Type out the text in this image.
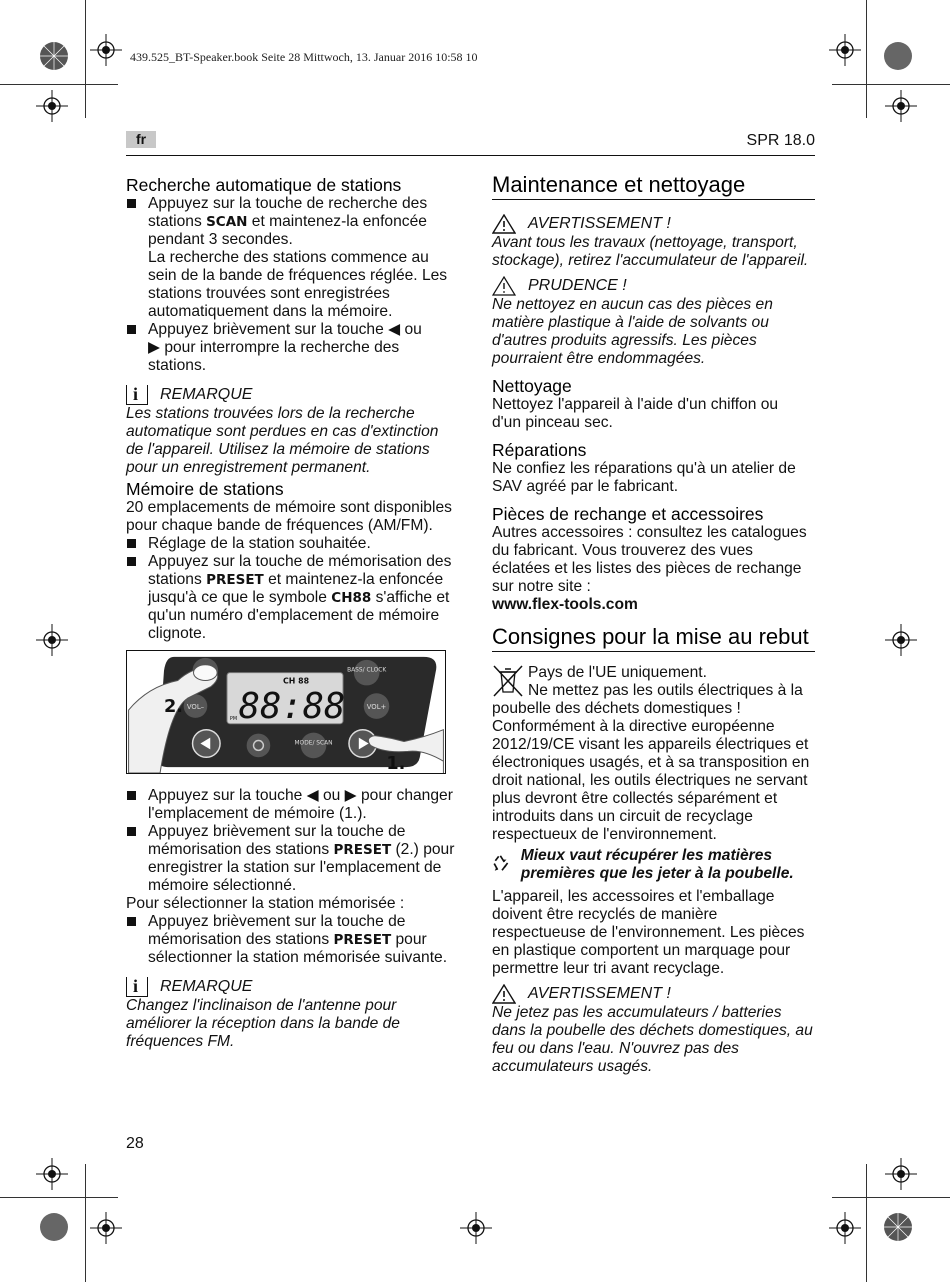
439.525_BT-Speaker.book Seite 28 Mittwoch, 13. Januar 2016 10:58 10
fr	SPR 18.0
Recherche automatique de stations
Appuyez sur la touche de recherche des stations SCAN et maintenez-la enfoncée pendant 3 secondes.

La recherche des stations commence au sein de la bande de fréquences réglée. Les stations trouvées sont enregistrées automatiquement dans la mémoire.

Appuyez brièvement sur la touche ◀ ou
▶ pour interrompre la recherche des stations.
i
REMARQUE

Les stations trouvées lors de la recherche automatique sont perdues en cas d'extinction de l'appareil. Utilisez la mémoire de stations pour un enregistrement permanent.

Mémoire de stations

20 emplacements de mémoire sont disponibles pour chaque bande de fréquences (AM/FM).

Réglage de la station souhaitée.
Appuyez sur la touche de mémorisation des stations PRESET et maintenez-la enfoncée jusqu'à ce que le symbole CH88 s'affiche et qu'un numéro d'emplacement de mémoire clignote.
CH 88
88:88
PM
BASS/ CLOCK
VOL+
VOL–
MODE/ SCAN
2.
1.
Appuyez sur la touche ◀ ou ▶ pour changer l'emplacement de mémoire (1.).
Appuyez brièvement sur la touche de mémorisation des stations PRESET (2.) pour enregistrer la station sur l'emplacement de mémoire sélectionné.

Pour sélectionner la station mémorisée :

Appuyez brièvement sur la touche de mémorisation des stations PRESET pour sélectionner la station mémorisée suivante.
i
REMARQUE

Changez l'inclinaison de l'antenne pour améliorer la réception dans la bande de fréquences FM.

Maintenance et nettoyage
AVERTISSEMENT !

Avant tous les travaux (nettoyage, transport, stockage), retirez l'accumulateur de l'appareil.

PRUDENCE !

Ne nettoyez en aucun cas des pièces en matière plastique à l'aide de solvants ou d'autres produits agressifs. Les pièces pourraient être endommagées.

Nettoyage

Nettoyez l'appareil à l'aide d'un chiffon ou d'un pinceau sec.

Réparations

Ne confiez les réparations qu'à un atelier de SAV agréé par le fabricant.

Pièces de rechange et accessoires

Autres accessoires : consultez les catalogues du fabricant. Vous trouverez des vues éclatées et les listes des pièces de rechange sur notre site :

www.flex-tools.com

Consignes pour la mise au rebut

Pays de l'UE uniquement.

Ne mettez pas les outils électriques à la poubelle des déchets domestiques ! Conformément à la directive européenne 2012/19/CE visant les appareils électriques et électroniques usagés, et à sa transposition en droit national, les outils électriques ne servant plus devront être collectés séparément et introduits dans un circuit de recyclage respectueux de l'environnement.

Mieux vaut récupérer les matières premières que les jeter à la poubelle.

L'appareil, les accessoires et l'emballage doivent être recyclés de manière respectueuse de l'environnement. Les pièces en plastique comportent un marquage pour permettre leur tri avant recyclage.

AVERTISSEMENT !

Ne jetez pas les accumulateurs / batteries dans la poubelle des déchets domestiques, au feu ou dans l'eau. N'ouvrez pas des accumulateurs usagés.

28
